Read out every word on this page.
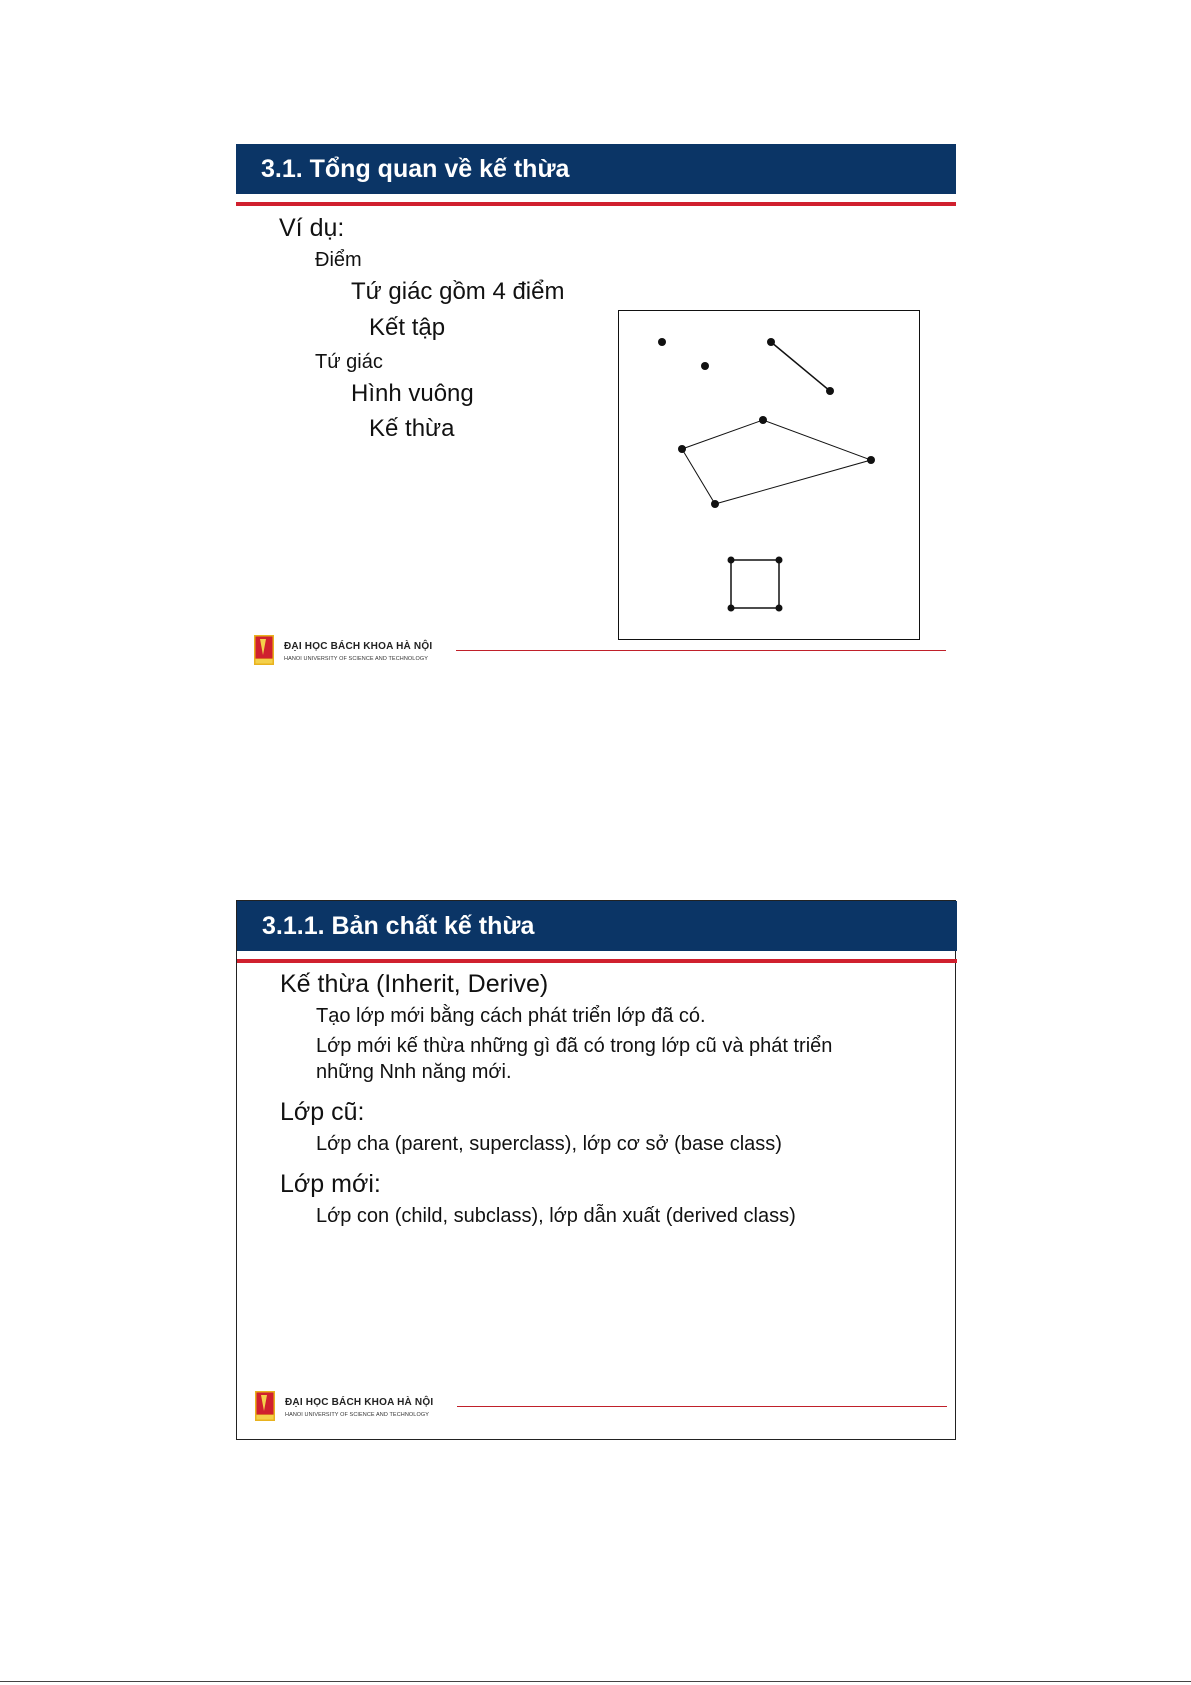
3.1. Tổng quan về kế thừa
Ví dụ:
Điểm
Tứ giác gồm 4 điểm
Kết tập
Tứ giác
Hình vuông
Kế thừa
ĐẠI HỌC BÁCH KHOA HÀ NỘI
HANOI UNIVERSITY OF SCIENCE AND TECHNOLOGY
3.1.1. Bản chất kế thừa
Kế thừa (Inherit, Derive)
Tạo lớp mới bằng cách phát triển lớp đã có.
Lớp mới kế thừa những gì đã có trong lớp cũ và phát triển
những Nnh năng mới.
Lớp cũ:
Lớp cha (parent, superclass), lớp cơ sở (base class)
Lớp mới:
Lớp con (child, subclass), lớp dẫn xuất (derived class)
ĐẠI HỌC BÁCH KHOA HÀ NỘI
HANOI UNIVERSITY OF SCIENCE AND TECHNOLOGY
